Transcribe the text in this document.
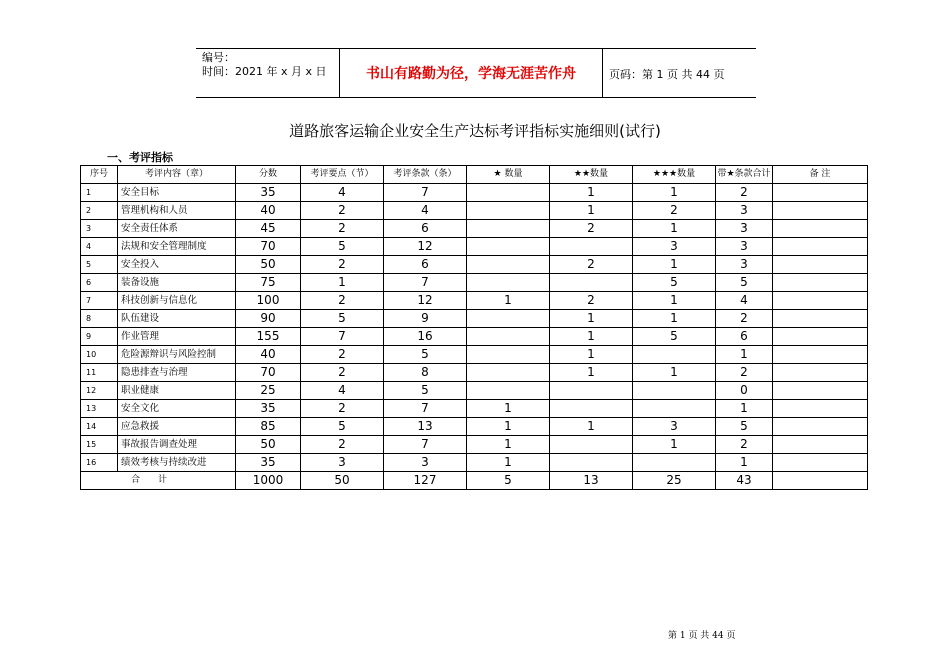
编号：
时间：2021 年 x 月 x 日	书山有路勤为径，学海无涯苦作舟	页码：第 1 页 共 44 页
道路旅客运输企业安全生产达标考评指标实施细则(试行)
一、考评指标
序号	考评内容（章）	分数	考评要点（节）	考评条款（条）	★ 数量	★★数量	★★★数量	带★条款合计	备 注
1	安全目标	35	4	7		1	1	2	
2	管理机构和人员	40	2	4		1	2	3	
3	安全责任体系	45	2	6		2	1	3	
4	法规和安全管理制度	70	5	12			3	3	
5	安全投入	50	2	6		2	1	3	
6	装备设施	75	1	7			5	5	
7	科技创新与信息化	100	2	12	1	2	1	4	
8	队伍建设	90	5	9		1	1	2	
9	作业管理	155	7	16		1	5	6	
10	危险源辩识与风险控制	40	2	5		1		1	
11	隐患排查与治理	70	2	8		1	1	2	
12	职业健康	25	4	5				0	
13	安全文化	35	2	7	1			1	
14	应急救援	85	5	13	1	1	3	5	
15	事故报告调查处理	50	2	7	1		1	2	
16	绩效考核与持续改进	35	3	3	1			1	
合计		1000	50	127	5	13	25	43	
第 1 页 共 44 页
